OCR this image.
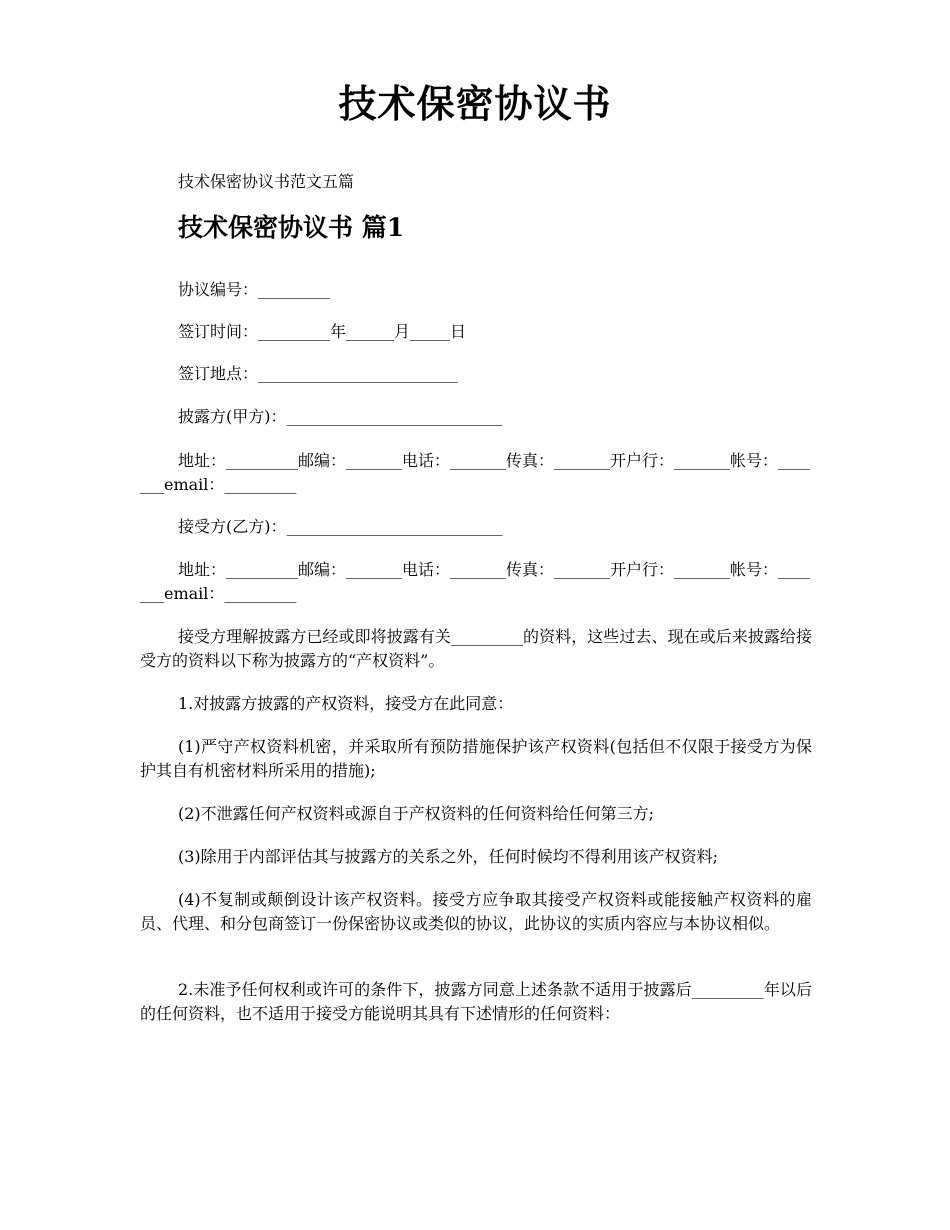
技术保密协议书
技术保密协议书范文五篇
技术保密协议书 篇1
协议编号：_________
签订时间：_________年______月_____日
签订地点：_________________________
披露方(甲方)：___________________________
地址：_________邮编：_______电话：_______传真：_______开户行：_______帐号：_______email：_________
接受方(乙方)：___________________________
地址：_________邮编：_______电话：_______传真：_______开户行：_______帐号：_______email：_________
接受方理解披露方已经或即将披露有关_________的资料，这些过去、现在或后来披露给接受方的资料以下称为披露方的“产权资料”。
1.对披露方披露的产权资料，接受方在此同意：
(1)严守产权资料机密，并采取所有预防措施保护该产权资料(包括但不仅限于接受方为保护其自有机密材料所采用的措施);
(2)不泄露任何产权资料或源自于产权资料的任何资料给任何第三方;
(3)除用于内部评估其与披露方的关系之外，任何时候均不得利用该产权资料;
(4)不复制或颠倒设计该产权资料。接受方应争取其接受产权资料或能接触产权资料的雇员、代理、和分包商签订一份保密协议或类似的协议，此协议的实质内容应与本协议相似。
2.未准予任何权利或许可的条件下，披露方同意上述条款不适用于披露后_________年以后的任何资料，也不适用于接受方能说明其具有下述情形的任何资料：
